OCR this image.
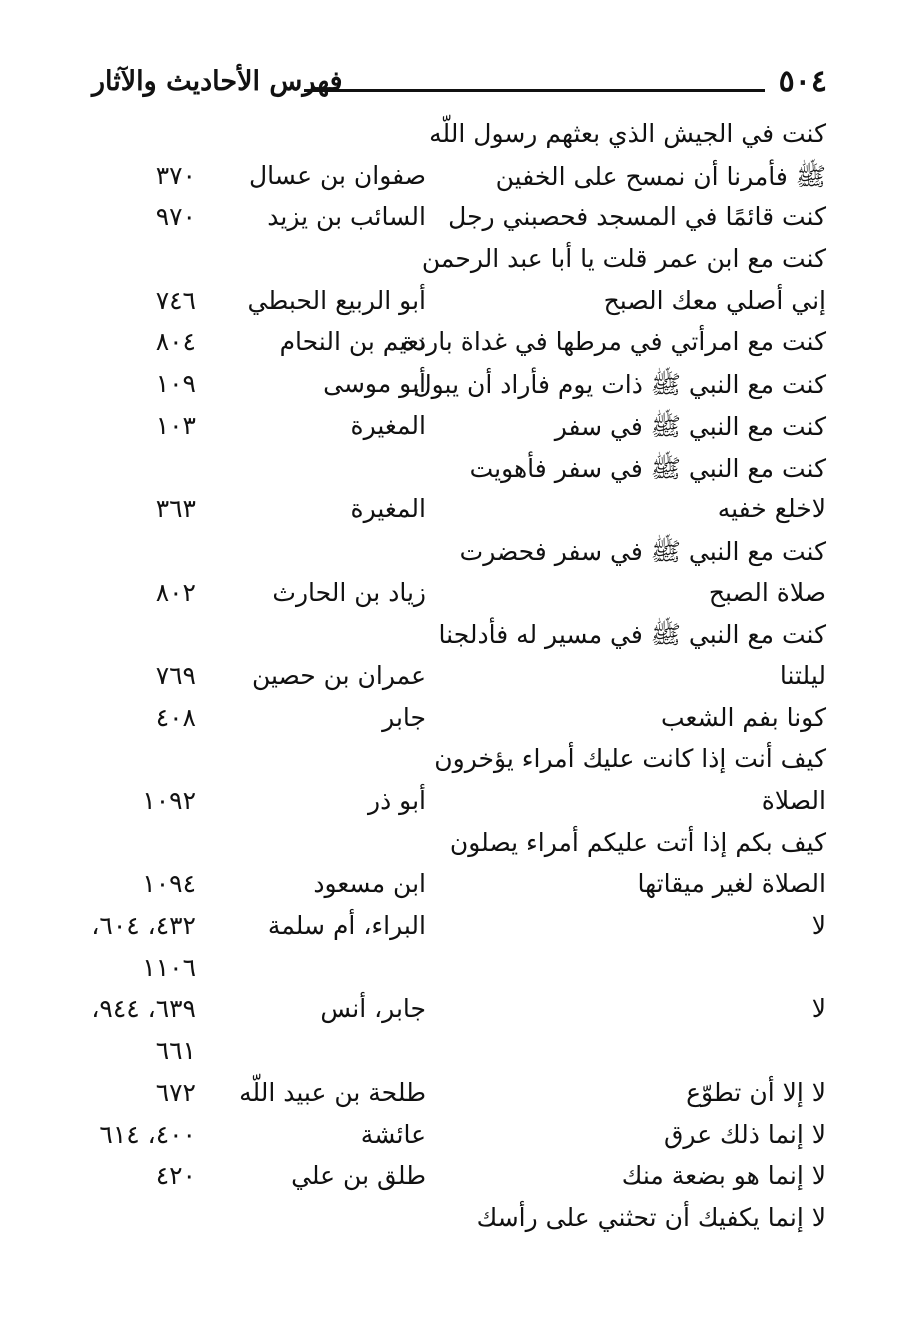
فهرس الأحاديث والآثار	٥٠٤
كنت في الجيش الذي بعثهم رسول اللّه
ﷺ فأمرنا أن نمسح على الخفين
صفوان بن عسال
٣٧٠
كنت قائمًا في المسجد فحصبني رجل
السائب بن يزيد
٩٧٠
كنت مع ابن عمر قلت يا أبا عبد الرحمن
إني أصلي معك الصبح
أبو الربيع الحبطي
٧٤٦
كنت مع امرأتي في مرطها في غداة باردة
نعيم بن النحام
٨٠٤
كنت مع النبي ﷺ ذات يوم فأراد أن يبول
أبو موسى
١٠٩
كنت مع النبي ﷺ في سفر
المغيرة
١٠٣
كنت مع النبي ﷺ في سفر فأهويت
لاخلع خفيه
المغيرة
٣٦٣
كنت مع النبي ﷺ في سفر فحضرت
صلاة الصبح
زياد بن الحارث
٨٠٢
كنت مع النبي ﷺ في مسير له فأدلجنا
ليلتنا
عمران بن حصين
٧٦٩
كونا بفم الشعب
جابر
٤٠٨
كيف أنت إذا كانت عليك أمراء يؤخرون
الصلاة
أبو ذر
١٠٩٢
كيف بكم إذا أتت عليكم أمراء يصلون
الصلاة لغير ميقاتها
ابن مسعود
١٠٩٤
لا
البراء، أم سلمة
٤٣٢، ٦٠٤،
١١٠٦
لا
جابر، أنس
٦٣٩، ٩٤٤،
٦٦١
لا إلا أن تطوّع
طلحة بن عبيد اللّه
٦٧٢
لا إنما ذلك عرق
عائشة
٤٠٠، ٦١٤
لا إنما هو بضعة منك
طلق بن علي
٤٢٠
لا إنما يكفيك أن تحثني على رأسك
